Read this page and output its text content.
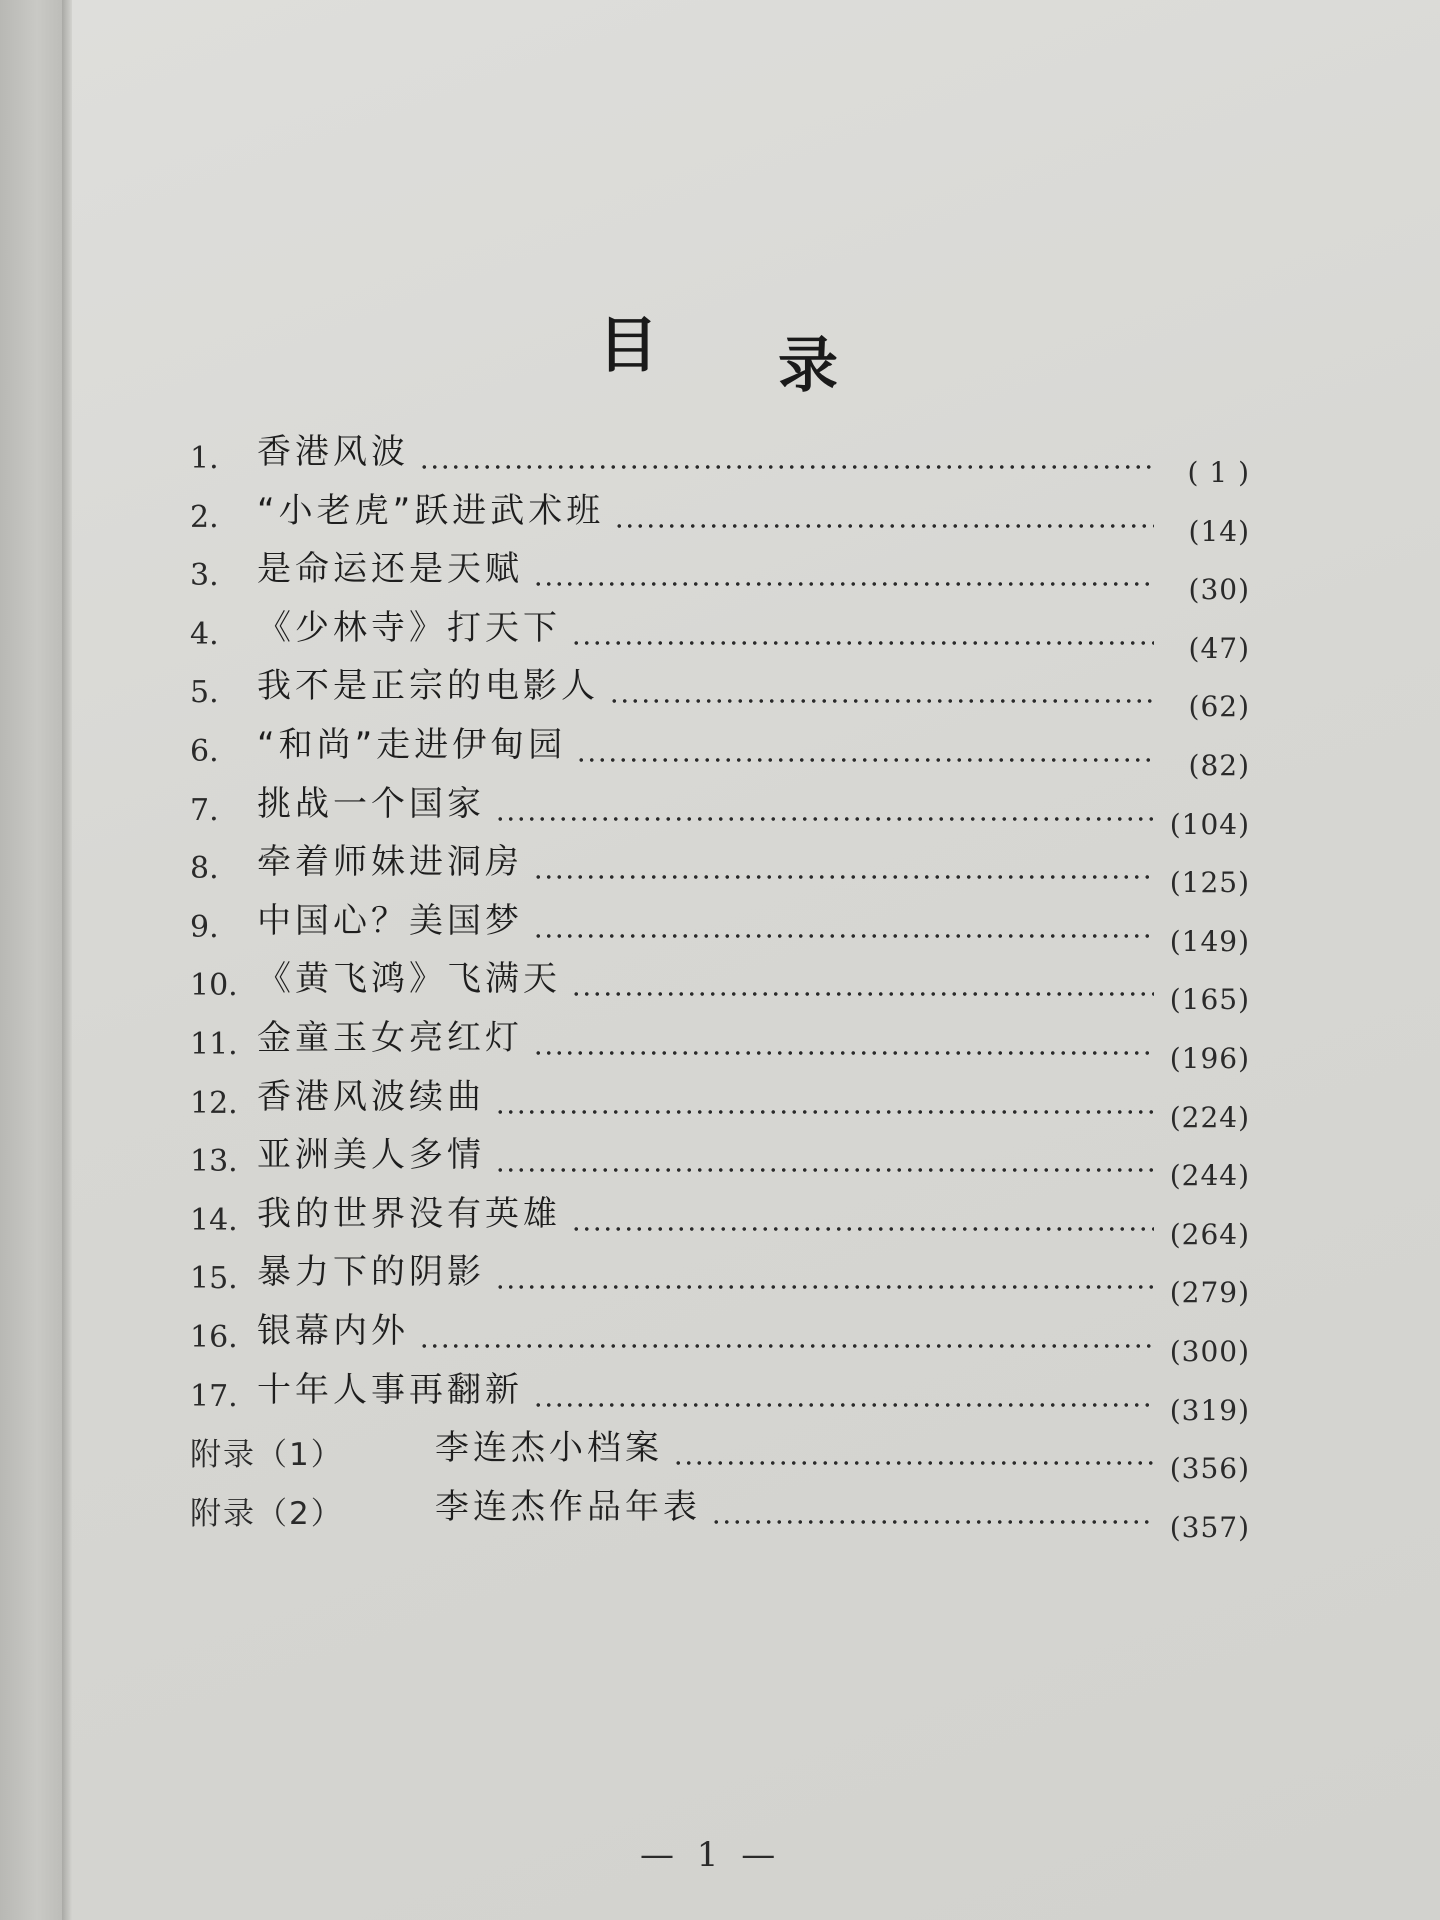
目 录
1. 香港风波
( 1 )
2. “小老虎”跃进武术班
(14)
3. 是命运还是天赋
(30)
4. 《少林寺》打天下
(47)
5. 我不是正宗的电影人
(62)
6. “和尚”走进伊甸园
(82)
7. 挑战一个国家
(104)
8. 牵着师妹进洞房
(125)
9. 中国心？美国梦
(149)
10. 《黄飞鸿》飞满天
(165)
11. 金童玉女亮红灯
(196)
12. 香港风波续曲
(224)
13. 亚洲美人多情
(244)
14. 我的世界没有英雄
(264)
15. 暴力下的阴影
(279)
16. 银幕内外
(300)
17. 十年人事再翻新
(319)
附录（1）	李连杰小档案
(356)
附录（2）	李连杰作品年表
(357)
— 1 —
